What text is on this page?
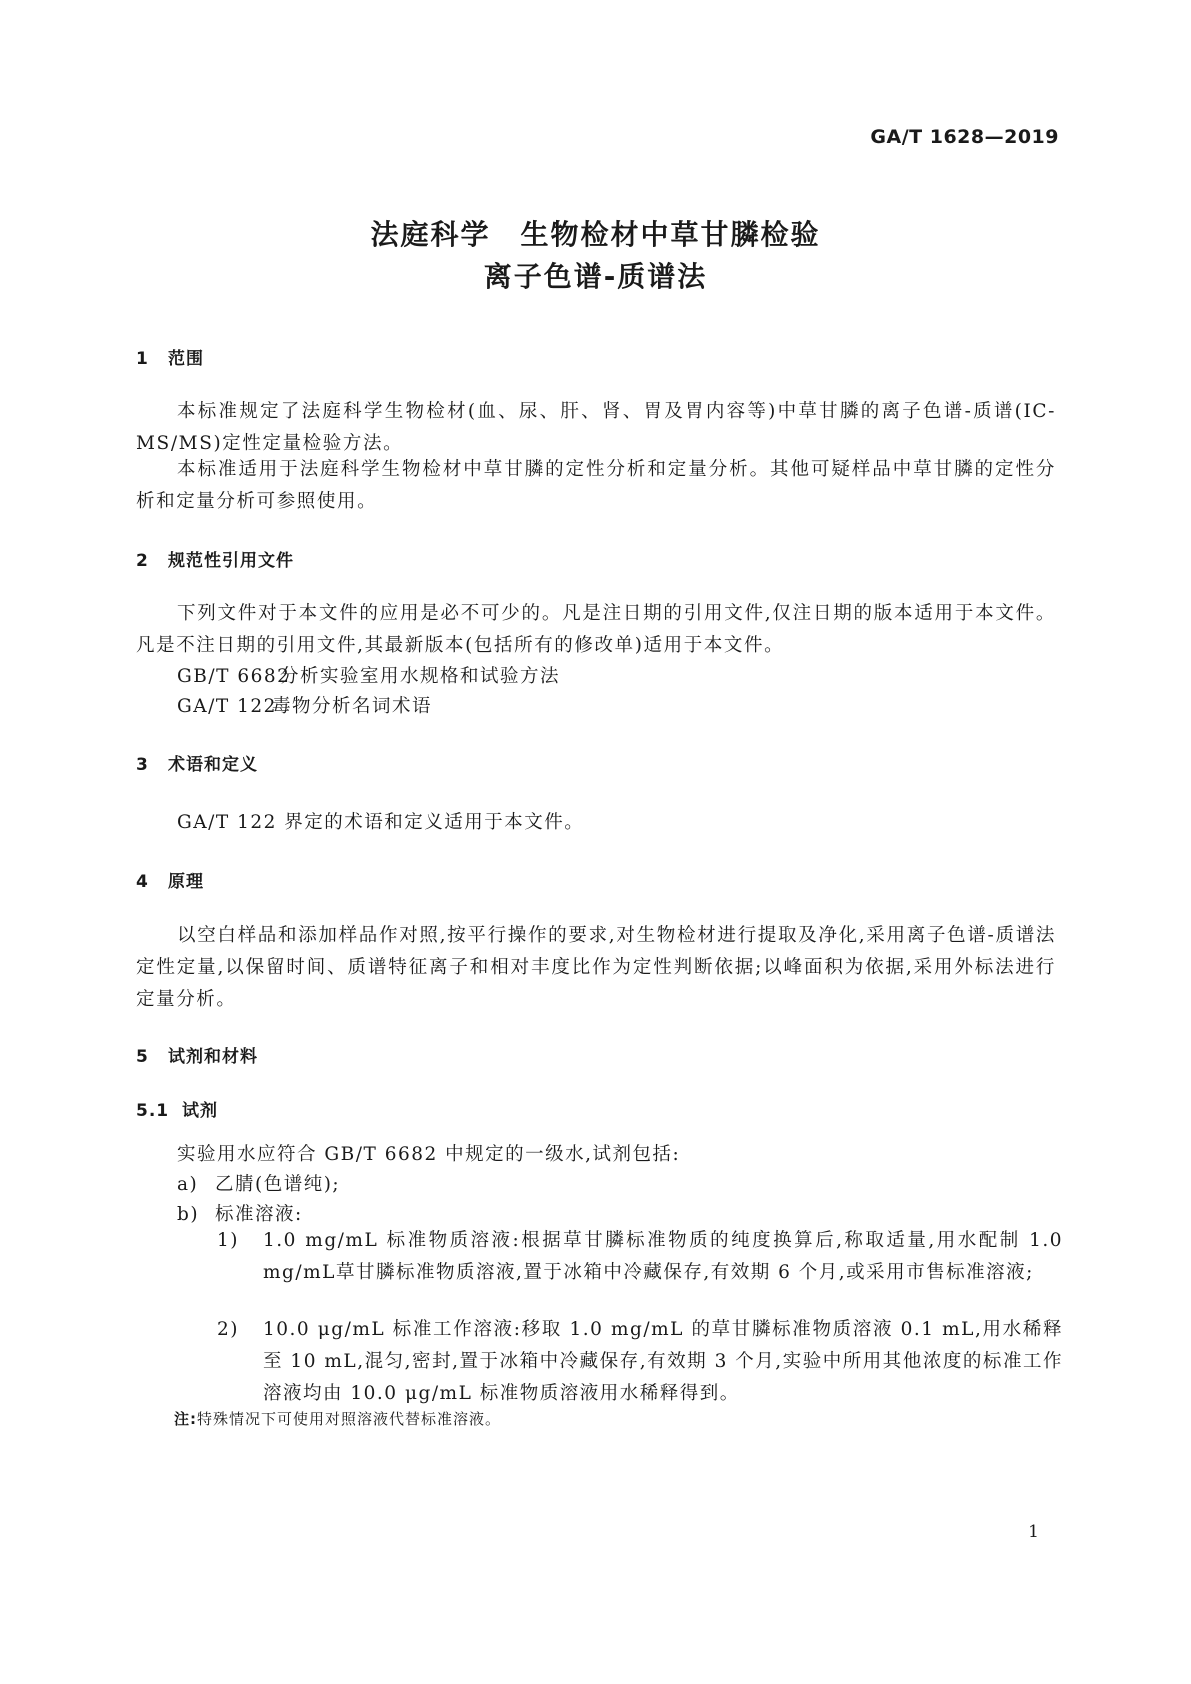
GA/T 1628—2019
法庭科学　生物检材中草甘膦检验
离子色谱-质谱法
1 范围
本标准规定了法庭科学生物检材(血、尿、肝、肾、胃及胃内容等)中草甘膦的离子色谱-质谱(IC-MS/MS)定性定量检验方法。
本标准适用于法庭科学生物检材中草甘膦的定性分析和定量分析。其他可疑样品中草甘膦的定性分析和定量分析可参照使用。
2 规范性引用文件
下列文件对于本文件的应用是必不可少的。凡是注日期的引用文件,仅注日期的版本适用于本文件。凡是不注日期的引用文件,其最新版本(包括所有的修改单)适用于本文件。
GB/T 6682分析实验室用水规格和试验方法
GA/T 122毒物分析名词术语
3 术语和定义
GA/T 122 界定的术语和定义适用于本文件。
4 原理
以空白样品和添加样品作对照,按平行操作的要求,对生物检材进行提取及净化,采用离子色谱-质谱法定性定量,以保留时间、质谱特征离子和相对丰度比作为定性判断依据;以峰面积为依据,采用外标法进行定量分析。
5 试剂和材料
5.1 试剂
实验用水应符合 GB/T 6682 中规定的一级水,试剂包括:
a) 乙腈(色谱纯);
b) 标准溶液:
1) 1.0 mg/mL 标准物质溶液:根据草甘膦标准物质的纯度换算后,称取适量,用水配制 1.0 mg/mL草甘膦标准物质溶液,置于冰箱中冷藏保存,有效期 6 个月,或采用市售标准溶液;
2) 10.0 μg/mL 标准工作溶液:移取 1.0 mg/mL 的草甘膦标准物质溶液 0.1 mL,用水稀释至 10 mL,混匀,密封,置于冰箱中冷藏保存,有效期 3 个月,实验中所用其他浓度的标准工作溶液均由 10.0 μg/mL 标准物质溶液用水稀释得到。
注:特殊情况下可使用对照溶液代替标准溶液。
1
